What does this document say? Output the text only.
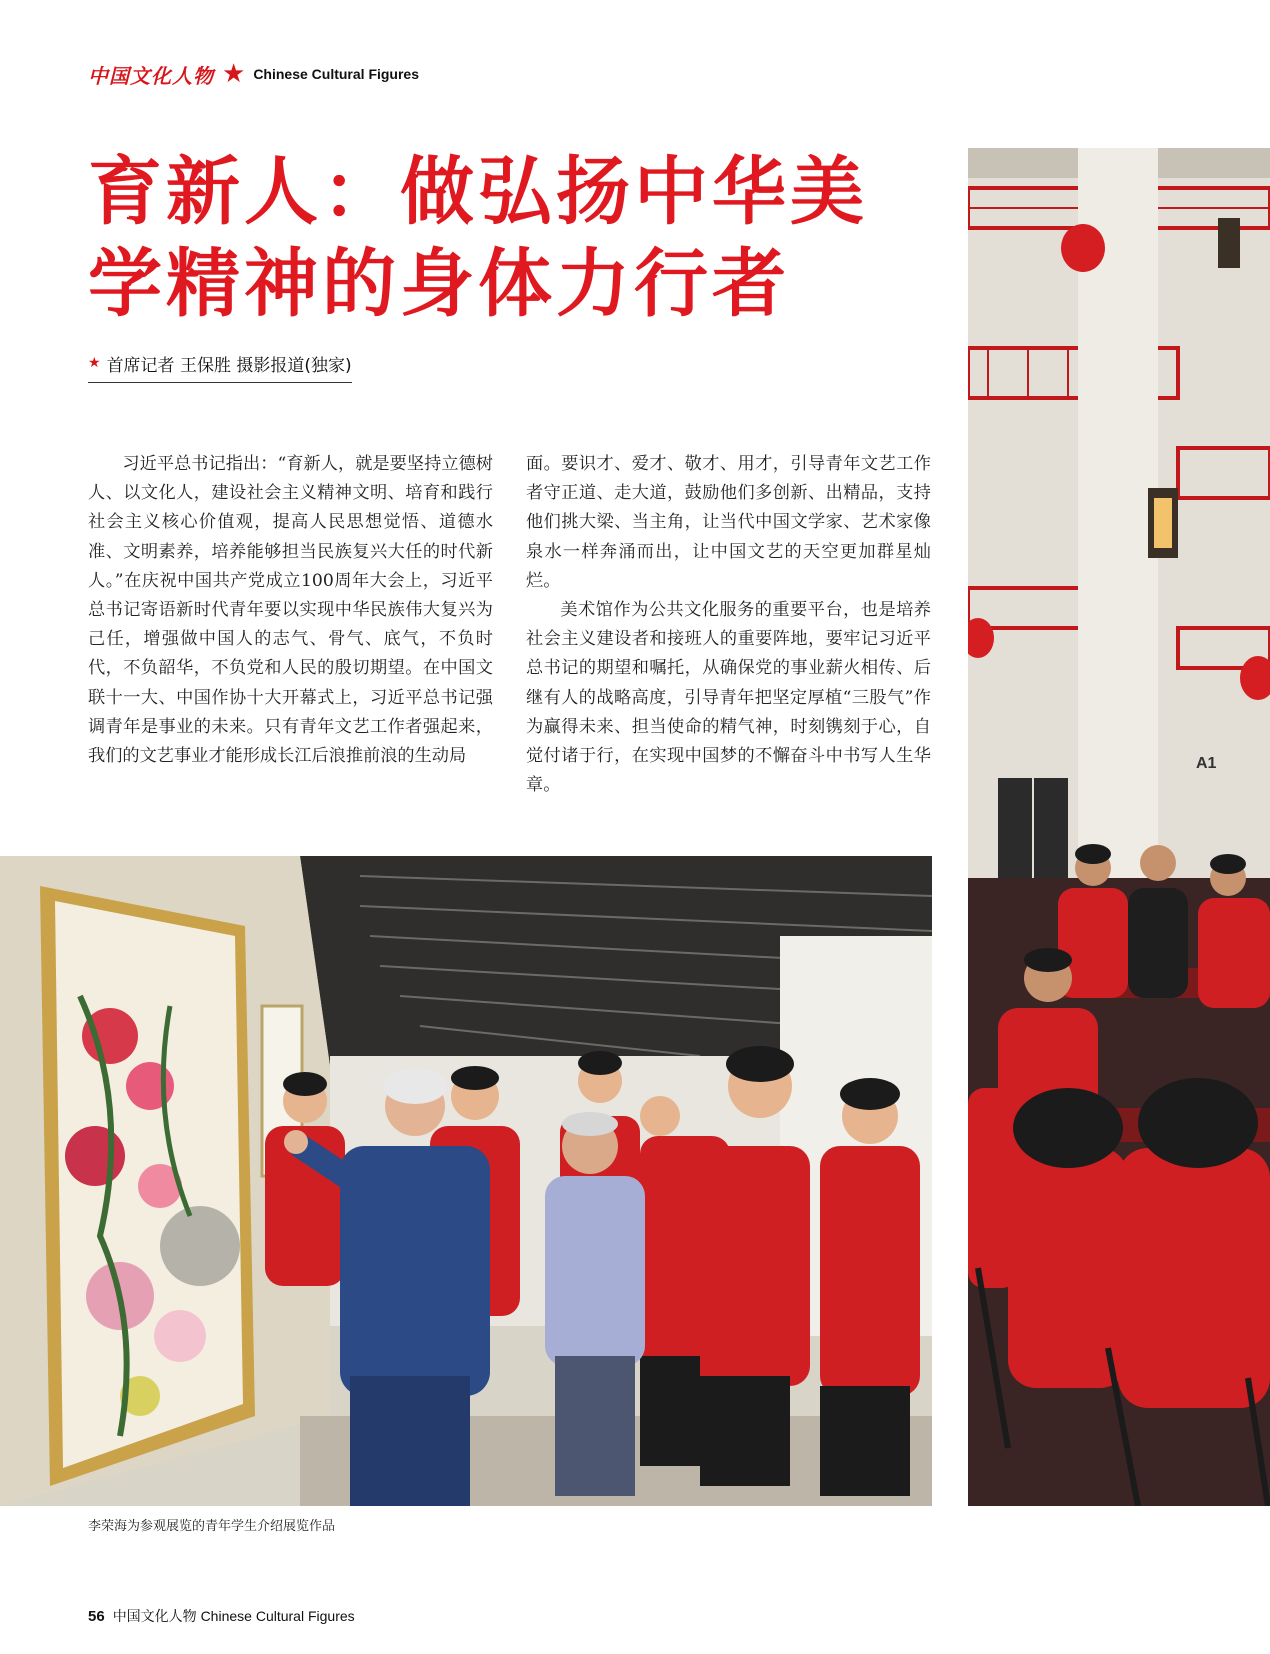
中国文化人物 ★ Chinese Cultural Figures
育新人：做弘扬中华美
学精神的身体力行者
★ 首席记者 王保胜 摄影报道(独家)

习近平总书记指出：“育新人，就是要坚持立德树人、以文化人，建设社会主义精神文明、培育和践行社会主义核心价值观，提高人民思想觉悟、道德水准、文明素养，培养能够担当民族复兴大任的时代新人。”在庆祝中国共产党成立100周年大会上，习近平总书记寄语新时代青年要以实现中华民族伟大复兴为己任，增强做中国人的志气、骨气、底气，不负时代，不负韶华，不负党和人民的殷切期望。在中国文联十一大、中国作协十大开幕式上，习近平总书记强调青年是事业的未来。只有青年文艺工作者强起来，我们的文艺事业才能形成长江后浪推前浪的生动局

面。要识才、爱才、敬才、用才，引导青年文艺工作者守正道、走大道，鼓励他们多创新、出精品，支持他们挑大梁、当主角，让当代中国文学家、艺术家像泉水一样奔涌而出，让中国文艺的天空更加群星灿烂。

美术馆作为公共文化服务的重要平台，也是培养社会主义建设者和接班人的重要阵地，要牢记习近平总书记的期望和嘱托，从确保党的事业薪火相传、后继有人的战略高度，引导青年把坚定厚植“三股气”作为赢得未来、担当使命的精气神，时刻镌刻于心，自觉付诸于行，在实现中国梦的不懈奋斗中书写人生华章。

A1
李荣海为参观展览的青年学生介绍展览作品
56 中国文化人物 Chinese Cultural Figures
